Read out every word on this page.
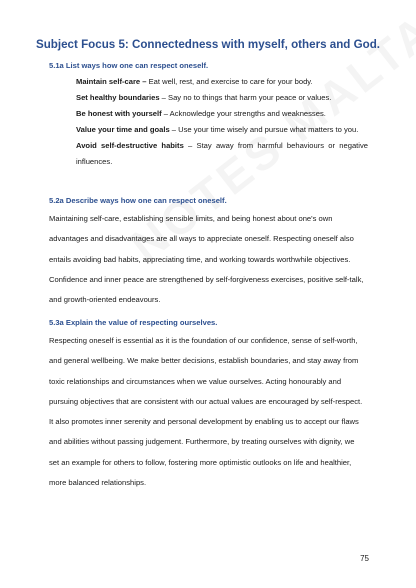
Subject Focus 5: Connectedness with myself, others and God.
5.1a List ways how one can respect oneself.
Maintain self-care – Eat well, rest, and exercise to care for your body.
Set healthy boundaries – Say no to things that harm your peace or values.
Be honest with yourself – Acknowledge your strengths and weaknesses.
Value your time and goals – Use your time wisely and pursue what matters to you.
Avoid self-destructive habits – Stay away from harmful behaviours or negative influences.
5.2a Describe ways how one can respect oneself.
Maintaining self-care, establishing sensible limits, and being honest about one's own
advantages and disadvantages are all ways to appreciate oneself. Respecting oneself also
entails avoiding bad habits, appreciating time, and working towards worthwhile objectives.
Confidence and inner peace are strengthened by self-forgiveness exercises, positive self-talk,
and growth-oriented endeavours.
5.3a Explain the value of respecting ourselves.
Respecting oneself is essential as it is the foundation of our confidence, sense of self-worth,
and general wellbeing. We make better decisions, establish boundaries, and stay away from
toxic relationships and circumstances when we value ourselves. Acting honourably and
pursuing objectives that are consistent with our actual values are encouraged by self-respect.
It also promotes inner serenity and personal development by enabling us to accept our flaws
and abilities without passing judgement. Furthermore, by treating ourselves with dignity, we
set an example for others to follow, fostering more optimistic outlooks on life and healthier,
more balanced relationships.
75
